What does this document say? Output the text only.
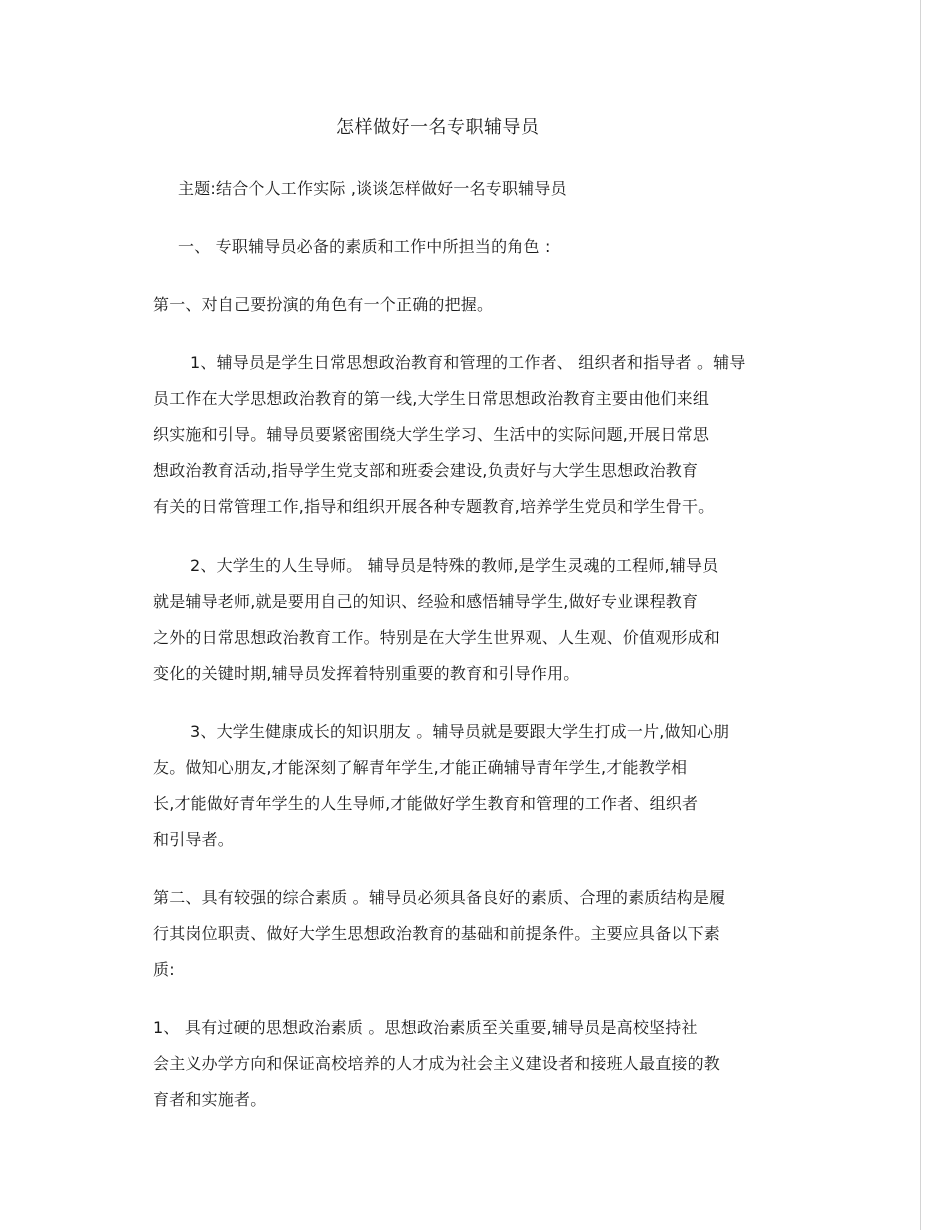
怎样做好一名专职辅导员

主题:结合个人工作实际 ,谈谈怎样做好一名专职辅导员

一、 专职辅导员必备的素质和工作中所担当的角色 :

第一、对自己要扮演的角色有一个正确的把握。

1、辅导员是学生日常思想政治教育和管理的工作者、 组织者和指导者 。辅导

员工作在大学思想政治教育的第一线,大学生日常思想政治教育主要由他们来组

织实施和引导。辅导员要紧密围绕大学生学习、生活中的实际问题,开展日常思

想政治教育活动,指导学生党支部和班委会建设,负责好与大学生思想政治教育

有关的日常管理工作,指导和组织开展各种专题教育,培养学生党员和学生骨干。

2、大学生的人生导师。 辅导员是特殊的教师,是学生灵魂的工程师,辅导员

就是辅导老师,就是要用自己的知识、经验和感悟辅导学生,做好专业课程教育

之外的日常思想政治教育工作。特别是在大学生世界观、人生观、价值观形成和

变化的关键时期,辅导员发挥着特别重要的教育和引导作用。

3、大学生健康成长的知识朋友 。辅导员就是要跟大学生打成一片,做知心朋

友。做知心朋友,才能深刻了解青年学生,才能正确辅导青年学生,才能教学相

长,才能做好青年学生的人生导师,才能做好学生教育和管理的工作者、组织者

和引导者。

第二、具有较强的综合素质 。辅导员必须具备良好的素质、合理的素质结构是履

行其岗位职责、做好大学生思想政治教育的基础和前提条件。主要应具备以下素

质:

1、 具有过硬的思想政治素质 。思想政治素质至关重要,辅导员是高校坚持社

会主义办学方向和保证高校培养的人才成为社会主义建设者和接班人最直接的教

育者和实施者。
